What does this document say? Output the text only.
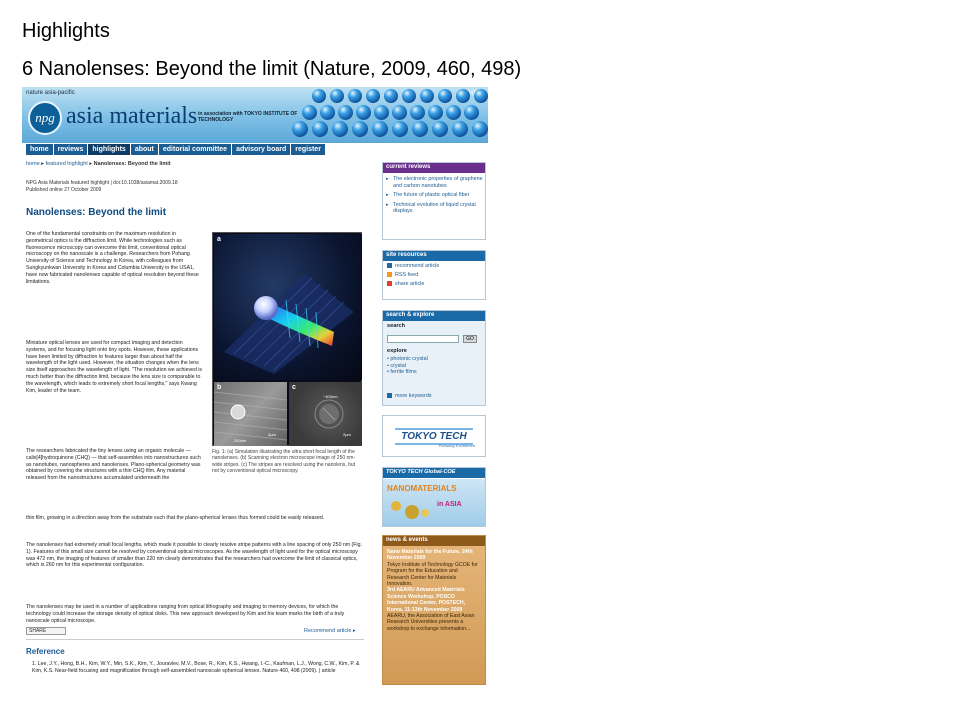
Highlights
6 Nanolenses: Beyond the limit (Nature, 2009, 460, 498)
nature asia-pacific
npg asia materials in association with TOKYO INSTITUTE OF TECHNOLOGY
home	reviews	highlights	about	editorial committee	advisory board	register
home ▸ featured highlight ▸ Nanolenses: Beyond the limit
NPG Asia Materials featured highlight | doi:10.1038/asiamat.2009.18
Published online 27 October 2009
Nanolenses: Beyond the limit
One of the fundamental constraints on the maximum resolution in geometrical optics is the diffraction limit. While technologies such as fluorescence microscopy can overcome this limit, conventional optical microscopy on the nanoscale is a challenge. Researchers from Pohang University of Science and Technology in Korea, with colleagues from Sungkyunkwan University in Korea and Columbia University in the USA1, have now fabricated nanolenses capable of optical resolution beyond these limitations.
Miniature optical lenses are used for compact imaging and detection systems, and for focusing light onto tiny spots. However, these applications have been limited by diffraction to features larger than about half the wavelength of the light used. However, the situation changes when the lens size itself approaches the wavelength of light. "The resolution we achieved is much better than the diffraction limit, because the lens size is comparable to the wavelength, which leads to extremely short focal lengths," says Kwang Kim, leader of the team.
The researchers fabricated the tiny lenses using an organic molecule — calix[4]hydroquinone (CHQ) — that self-assembles into nanostructures such as nanotubes, nanospheres and nanolenses. Plano-spherical geometry was obtained by covering the structures with a thin CHQ film. Any material released from the nanostructures accumulated underneath the
thin film, growing in a direction away from the substrate such that the plano-spherical lenses thus formed could be easily released.
The nanolenses had extremely small focal lengths, which made it possible to clearly resolve stripe patterns with a line spacing of only 250 nm (Fig. 1). Features of this small size cannot be resolved by conventional optical microscopes. As the wavelength of light used for the optical microscopy was 472 nm, the imaging of features of smaller than 220 nm clearly demonstrates that the researchers had overcome the limit of classical optics, which is 260 nm for this experimental configuration.
The nanolenses may be used in a number of applications ranging from optical lithography and imaging to memory devices, for which the technology could increase the storage density of optical disks. This new approach developed by Kim and his team marks the birth of a truly nanoscale optical microscope.
a
b
200nm
2μm
c
~400nm
2μm
Fig. 1: (a) Simulation illustrating the ultra short focal length of the nanolenses. (b) Scanning electron microscope image of 250 nm-wide stripes. (c) The stripes are resolved using the nanolens, but not by conventional optical microscopy.
SHARE	Recommend article ▸
Reference
1. Lee, J.Y., Hong, B.H., Kim, W.Y., Min, S.K., Kim, Y., Jouravlev, M.V., Bose, R., Kim, K.S., Hwang, I.-C., Kaufman, L.J., Wong, C.W., Kim, P. & Kim, K.S. Near-field focusing and magnification through self-assembled nanoscale spherical lenses. Nature 460, 498 (2009). | article
current reviews
▸ The electronic properties of graphene and carbon nanotubes
▸ The future of plastic optical fiber
▸ Technical evolution of liquid crystal displays
site resources
recommend article
RSS feed
share article
search & explore
search
GO
explore
• photonic crystal
• crystal
• ferrite films
more keywords
TOKYO TECH
Pursuing Excellence
TOKYO TECH Global-COE
NANOMATERIALS
in ASIA
news & events
Nano Materials for the Future, 24th November 2009
Tokyo Institute of Technology GCOE for Program for the Education and Research Center for Materials Innovation.
3rd AEARU Advanced Materials Science Workshop, POSCO International Center, POSTECH, Korea, 11-13th November 2009
AEARU, the Association of East Asian Research Universities presents a workshop to exchange information...
